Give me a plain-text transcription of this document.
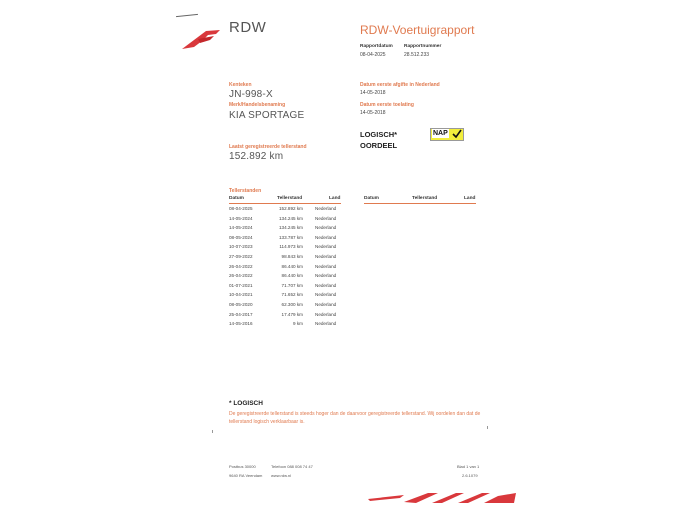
RDW	RDW-Voertuigrapport
Rapportdatum
08-04-2025
Rapportnummer
28.512.233
Kenteken
JN-998-X
Merk/Handelsbenaming
KIA SPORTAGE
Laatst geregistreerde tellerstand
152.892 km
Datum eerste afgifte in Nederland
14-05-2018
Datum eerste toelating
14-05-2018
LOGISCH*
OORDEEL
NAP
Tellerstanden
Datum	Tellerstand	Land	Datum	Tellerstand	Land
08-04-2025	152.892 km	Nederland
14-05-2024	134.245 km	Nederland
14-05-2024	134.245 km	Nederland
08-05-2024	133.787 km	Nederland
10-07-2023	114.973 km	Nederland
27-09-2022	98.843 km	Nederland
26-04-2022	86.440 km	Nederland
26-04-2022	86.440 km	Nederland
01-07-2021	71.707 km	Nederland
10-04-2021	71.652 km	Nederland
08-05-2020	62.300 km	Nederland
25-04-2017	17.479 km	Nederland
14-05-2016	9 km	Nederland
* LOGISCH
De geregistreerde tellerstand is steeds hoger dan de daarvoor geregistreerde tellerstand. Wij oordelen dan dat de tellerstand logisch verklaarbaar is.
Postbus 30000
9640 RA Veendam
Telefoon 088 008 74 47
www.rdw.nl
Blad 1 van 1
2.6.1079
